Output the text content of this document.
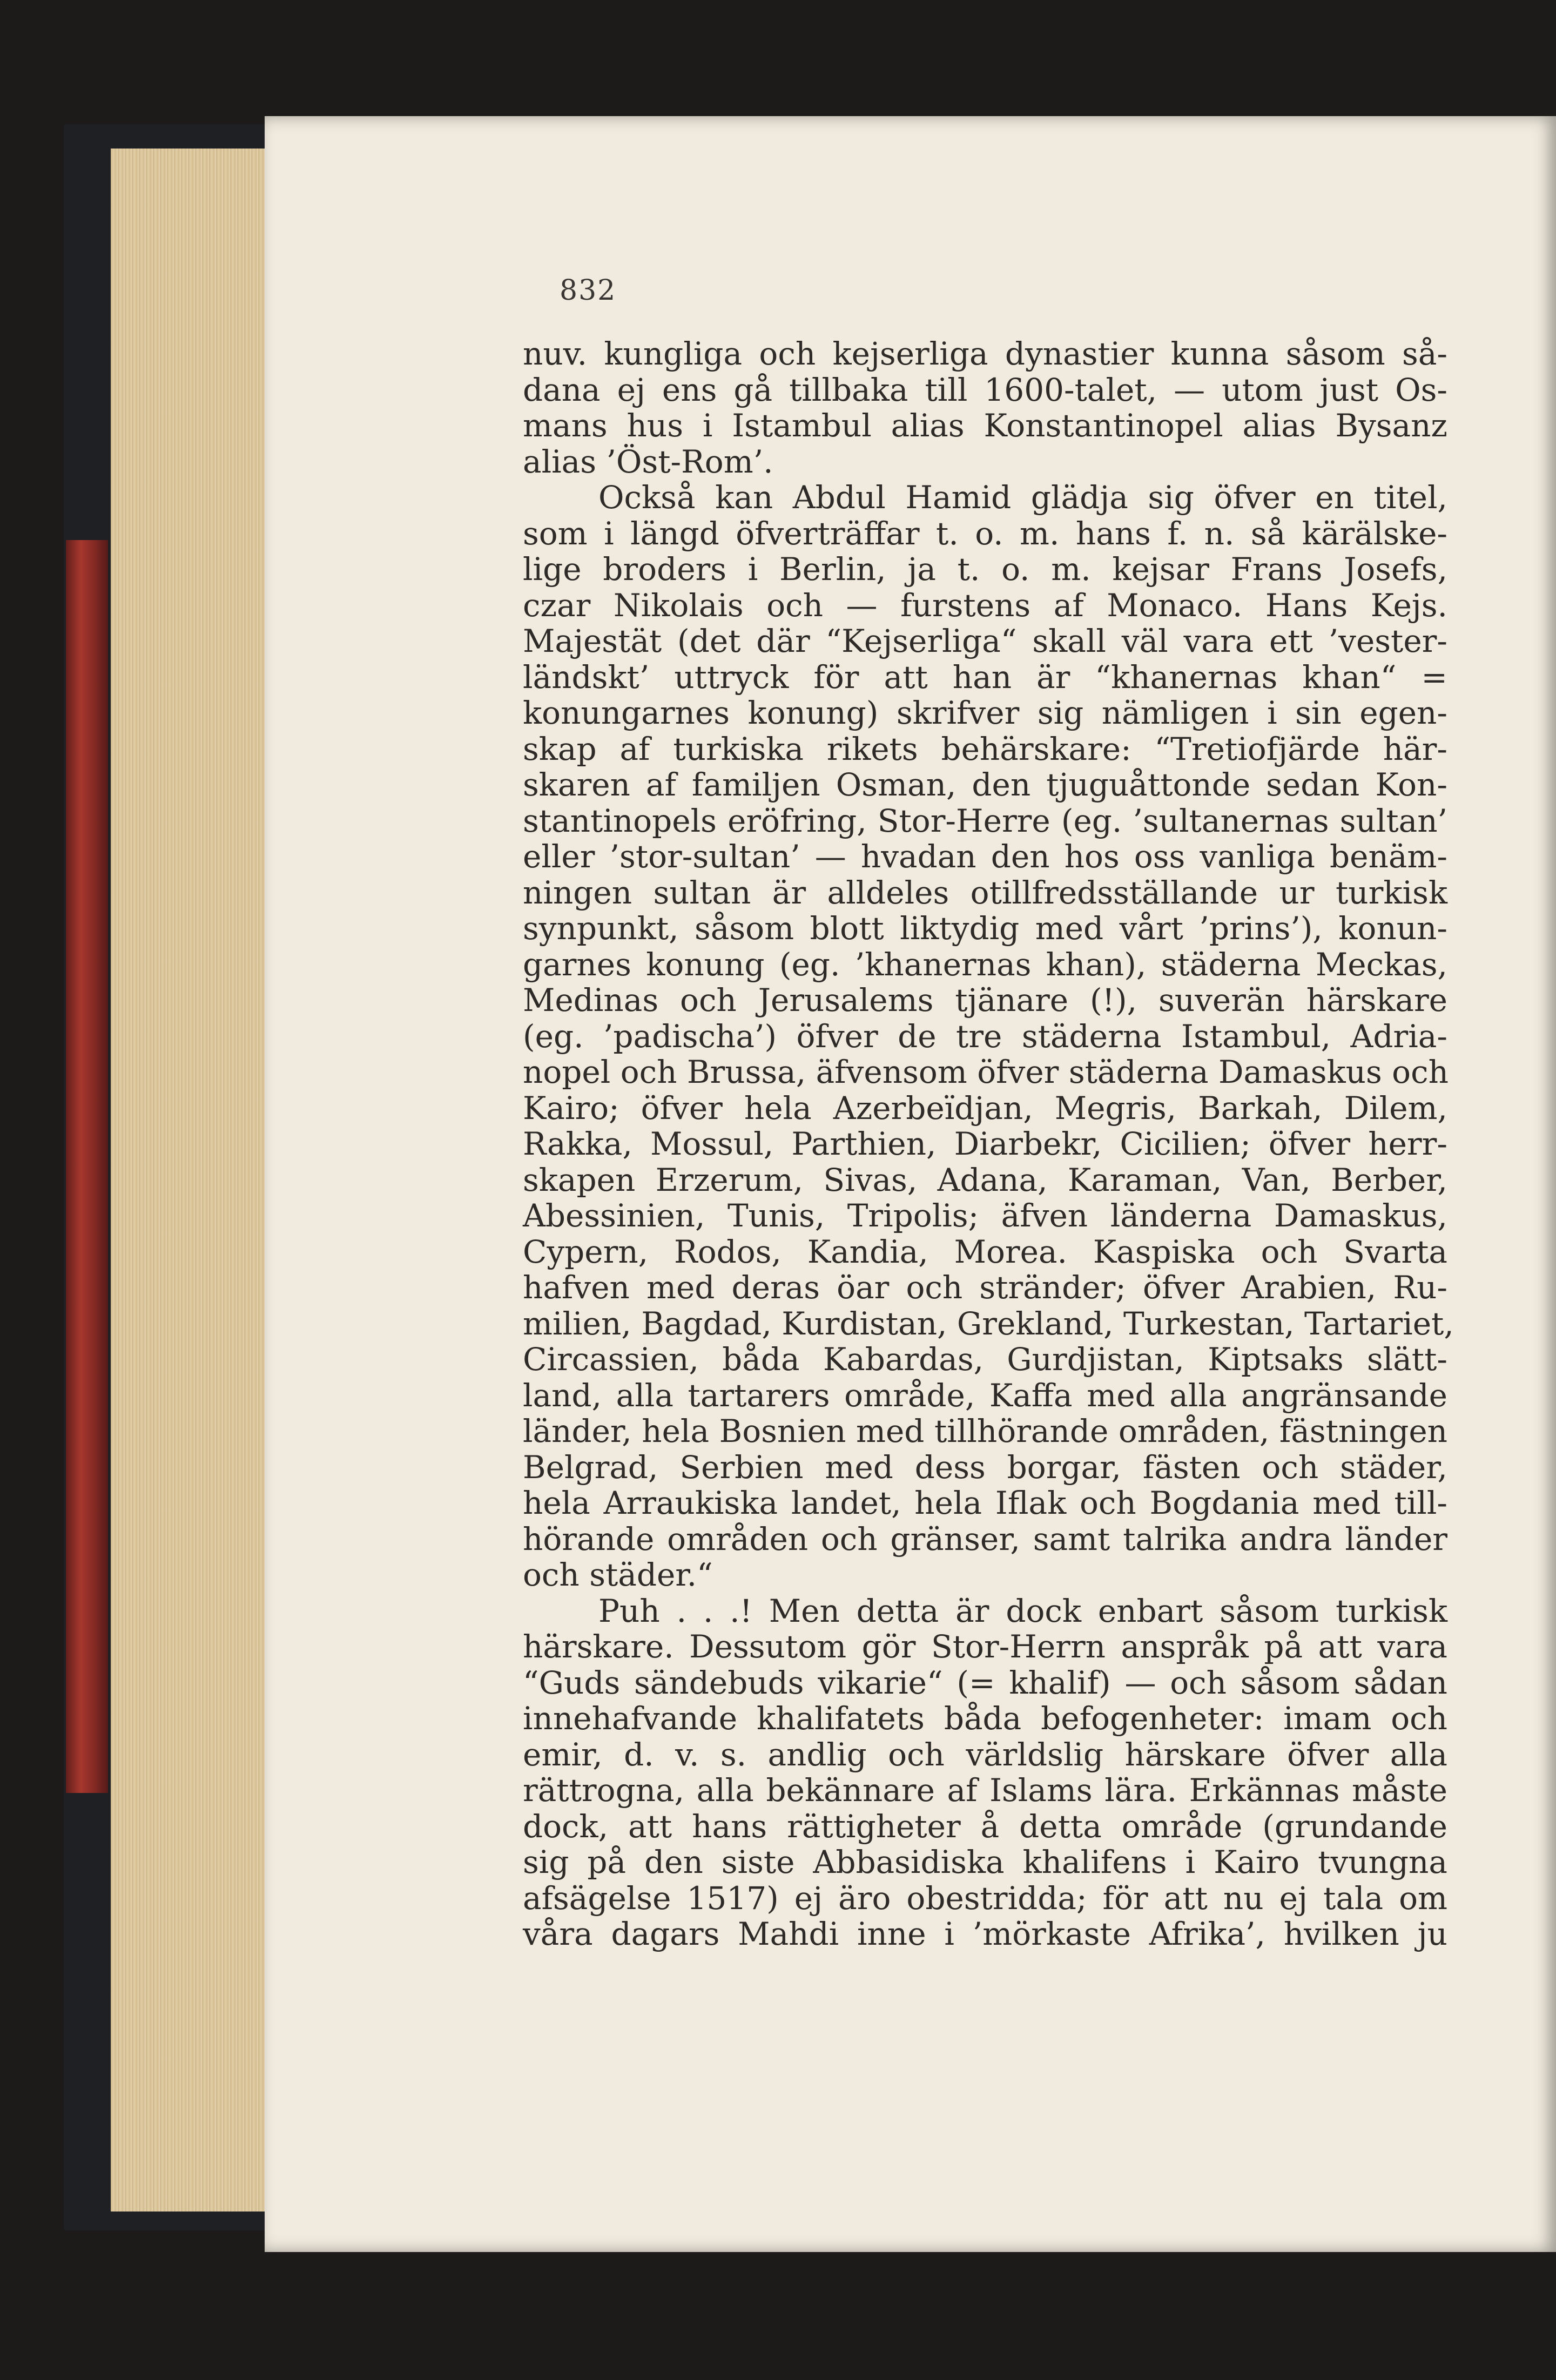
832
nuv. kungliga och kejserliga dynastier kunna såsom så-
dana ej ens gå tillbaka till 1600-talet, — utom just Os-
mans hus i Istambul alias Konstantinopel alias Bysanz
alias ’Öst-Rom’.
Också kan Abdul Hamid glädja sig öfver en titel,
som i längd öfverträffar t. o. m. hans f. n. så kärälske-
lige broders i Berlin, ja t. o. m. kejsar Frans Josefs,
czar Nikolais och — furstens af Monaco. Hans Kejs.
Majestät (det där “Kejserliga“ skall väl vara ett ’vester-
ländskt’ uttryck för att han är “khanernas khan“ =
konungarnes konung) skrifver sig nämligen i sin egen-
skap af turkiska rikets behärskare: “Tretiofjärde här-
skaren af familjen Osman, den tjuguåttonde sedan Kon-
stantinopels eröfring, Stor-Herre (eg. ’sultanernas sultan’
eller ’stor-sultan’ — hvadan den hos oss vanliga benäm-
ningen sultan är alldeles otillfredsställande ur turkisk
synpunkt, såsom blott liktydig med vårt ’prins’), konun-
garnes konung (eg. ’khanernas khan), städerna Meckas,
Medinas och Jerusalems tjänare (!), suverän härskare
(eg. ’padischa’) öfver de tre städerna Istambul, Adria-
nopel och Brussa, äfvensom öfver städerna Damaskus och
Kairo; öfver hela Azerbeïdjan, Megris, Barkah, Dilem,
Rakka, Mossul, Parthien, Diarbekr, Cicilien; öfver herr-
skapen Erzerum, Sivas, Adana, Karaman, Van, Berber,
Abessinien, Tunis, Tripolis; äfven länderna Damaskus,
Cypern, Rodos, Kandia, Morea. Kaspiska och Svarta
hafven med deras öar och stränder; öfver Arabien, Ru-
milien, Bagdad, Kurdistan, Grekland, Turkestan, Tartariet,
Circassien, båda Kabardas, Gurdjistan, Kiptsaks slätt-
land, alla tartarers område, Kaffa med alla angränsande
länder, hela Bosnien med tillhörande områden, fästningen
Belgrad, Serbien med dess borgar, fästen och städer,
hela Arraukiska landet, hela Iflak och Bogdania med till-
hörande områden och gränser, samt talrika andra länder
och städer.“
Puh . . .! Men detta är dock enbart såsom turkisk
härskare. Dessutom gör Stor-Herrn anspråk på att vara
“Guds sändebuds vikarie“ (= khalif) — och såsom sådan
innehafvande khalifatets båda befogenheter: imam och
emir, d. v. s. andlig och världslig härskare öfver alla
rättrogna, alla bekännare af Islams lära. Erkännas måste
dock, att hans rättigheter å detta område (grundande
sig på den siste Abbasidiska khalifens i Kairo tvungna
afsägelse 1517) ej äro obestridda; för att nu ej tala om
våra dagars Mahdi inne i ’mörkaste Afrika’, hvilken ju
